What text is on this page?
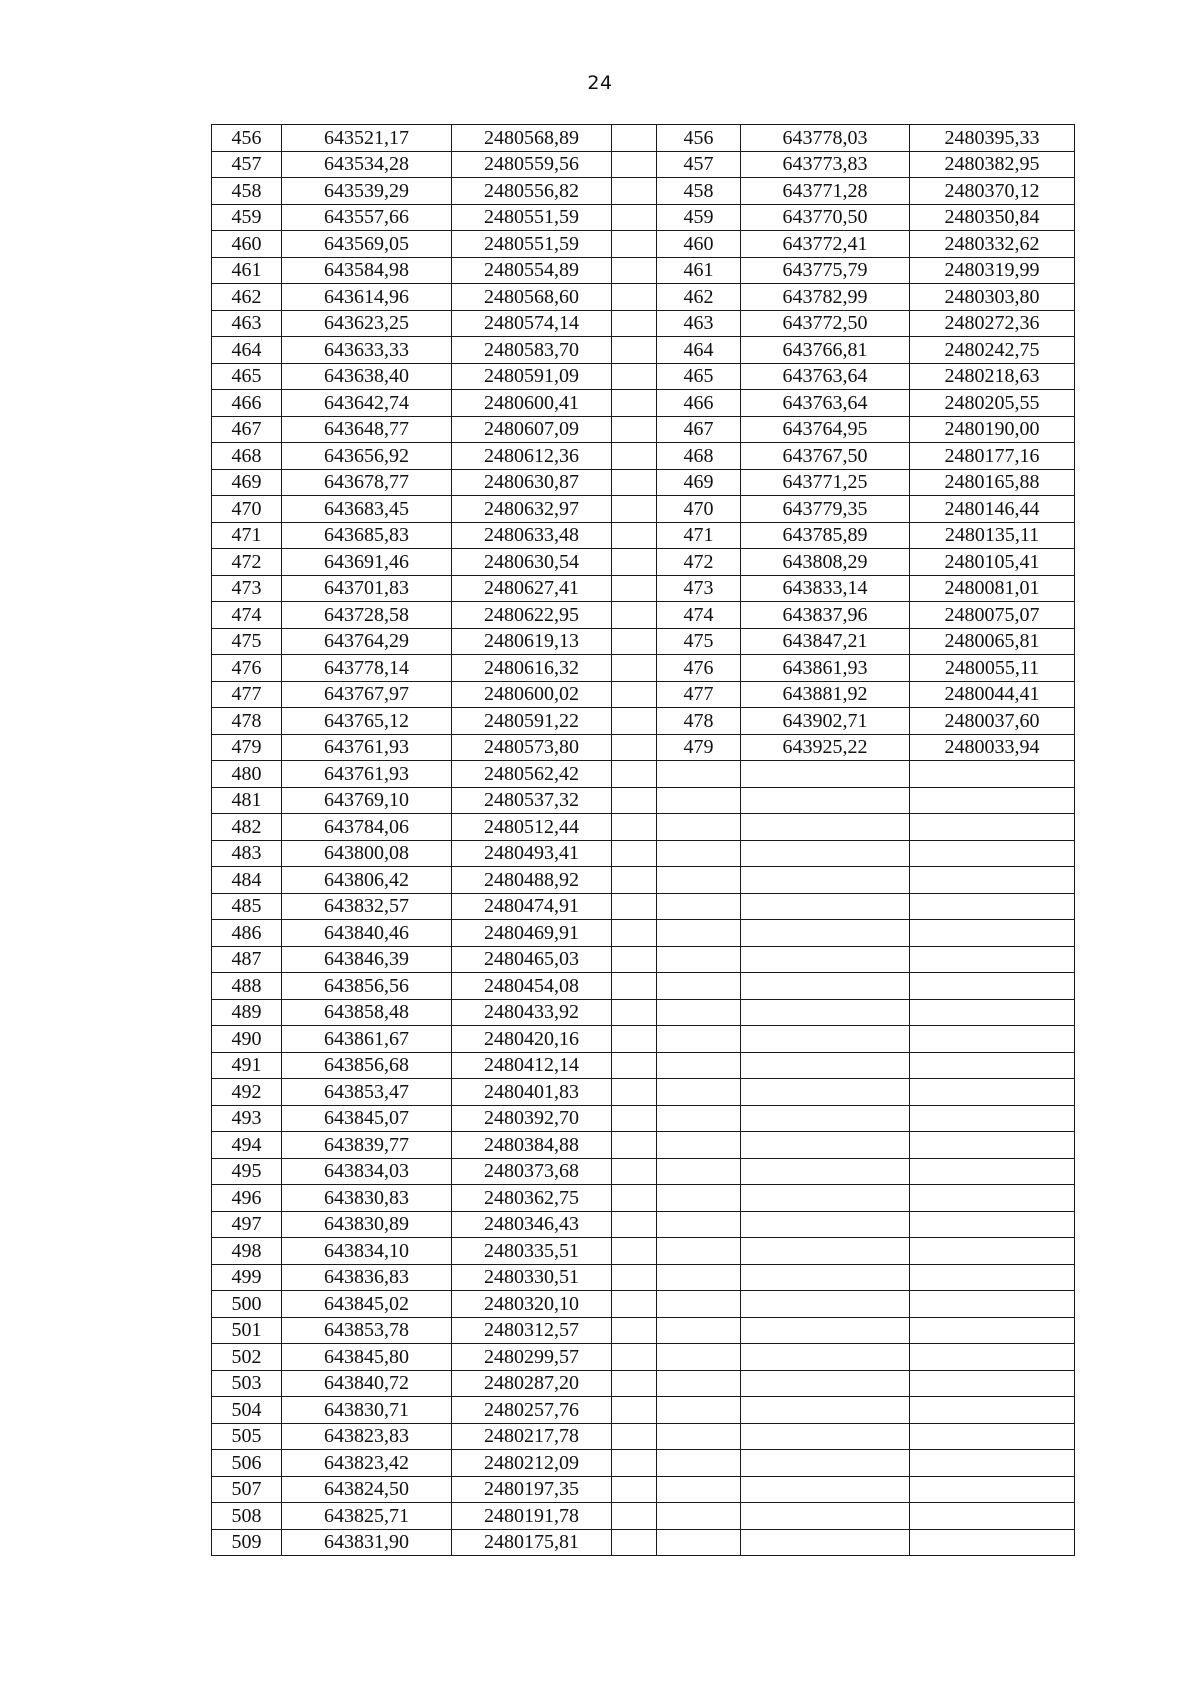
24
456	643521,17	2480568,89		456	643778,03	2480395,33
457	643534,28	2480559,56		457	643773,83	2480382,95
458	643539,29	2480556,82		458	643771,28	2480370,12
459	643557,66	2480551,59		459	643770,50	2480350,84
460	643569,05	2480551,59		460	643772,41	2480332,62
461	643584,98	2480554,89		461	643775,79	2480319,99
462	643614,96	2480568,60		462	643782,99	2480303,80
463	643623,25	2480574,14		463	643772,50	2480272,36
464	643633,33	2480583,70		464	643766,81	2480242,75
465	643638,40	2480591,09		465	643763,64	2480218,63
466	643642,74	2480600,41		466	643763,64	2480205,55
467	643648,77	2480607,09		467	643764,95	2480190,00
468	643656,92	2480612,36		468	643767,50	2480177,16
469	643678,77	2480630,87		469	643771,25	2480165,88
470	643683,45	2480632,97		470	643779,35	2480146,44
471	643685,83	2480633,48		471	643785,89	2480135,11
472	643691,46	2480630,54		472	643808,29	2480105,41
473	643701,83	2480627,41		473	643833,14	2480081,01
474	643728,58	2480622,95		474	643837,96	2480075,07
475	643764,29	2480619,13		475	643847,21	2480065,81
476	643778,14	2480616,32		476	643861,93	2480055,11
477	643767,97	2480600,02		477	643881,92	2480044,41
478	643765,12	2480591,22		478	643902,71	2480037,60
479	643761,93	2480573,80		479	643925,22	2480033,94
480	643761,93	2480562,42				
481	643769,10	2480537,32				
482	643784,06	2480512,44				
483	643800,08	2480493,41				
484	643806,42	2480488,92				
485	643832,57	2480474,91				
486	643840,46	2480469,91				
487	643846,39	2480465,03				
488	643856,56	2480454,08				
489	643858,48	2480433,92				
490	643861,67	2480420,16				
491	643856,68	2480412,14				
492	643853,47	2480401,83				
493	643845,07	2480392,70				
494	643839,77	2480384,88				
495	643834,03	2480373,68				
496	643830,83	2480362,75				
497	643830,89	2480346,43				
498	643834,10	2480335,51				
499	643836,83	2480330,51				
500	643845,02	2480320,10				
501	643853,78	2480312,57				
502	643845,80	2480299,57				
503	643840,72	2480287,20				
504	643830,71	2480257,76				
505	643823,83	2480217,78				
506	643823,42	2480212,09				
507	643824,50	2480197,35				
508	643825,71	2480191,78				
509	643831,90	2480175,81				
